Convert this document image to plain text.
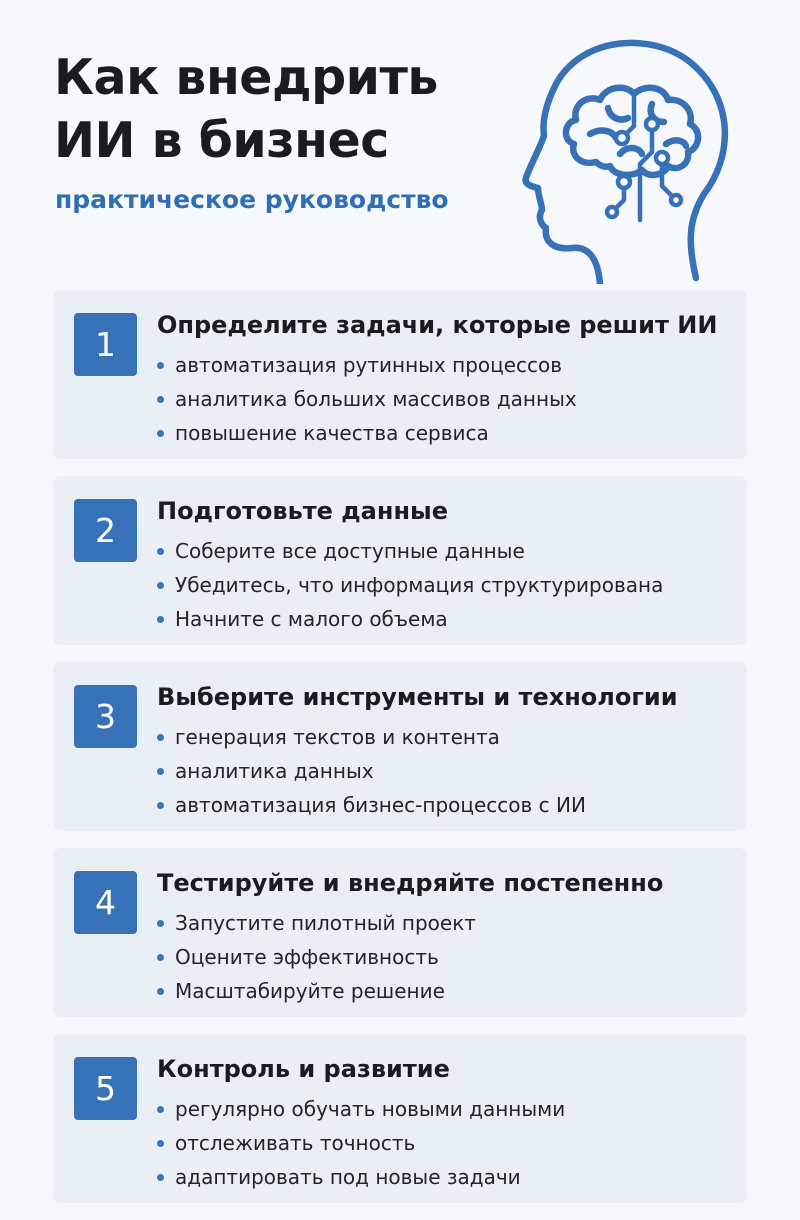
Как внедрить
ИИ в бизнес
практическое руководство
1	Определите задачи, которые решит ИИ
автоматизация рутинных процессов
аналитика больших массивов данных
повышение качества сервиса
2	Подготовьте данные
Соберите все доступные данные
Убедитесь, что информация структурирована
Начните с малого объема
3	Выберите инструменты и технологии
генерация текстов и контента
аналитика данных
автоматизация бизнес-процессов с ИИ
4	Тестируйте и внедряйте постепенно
Запустите пилотный проект
Оцените эффективность
Масштабируйте решение
5	Контроль и развитие
регулярно обучать новыми данными
отслеживать точность
адаптировать под новые задачи
